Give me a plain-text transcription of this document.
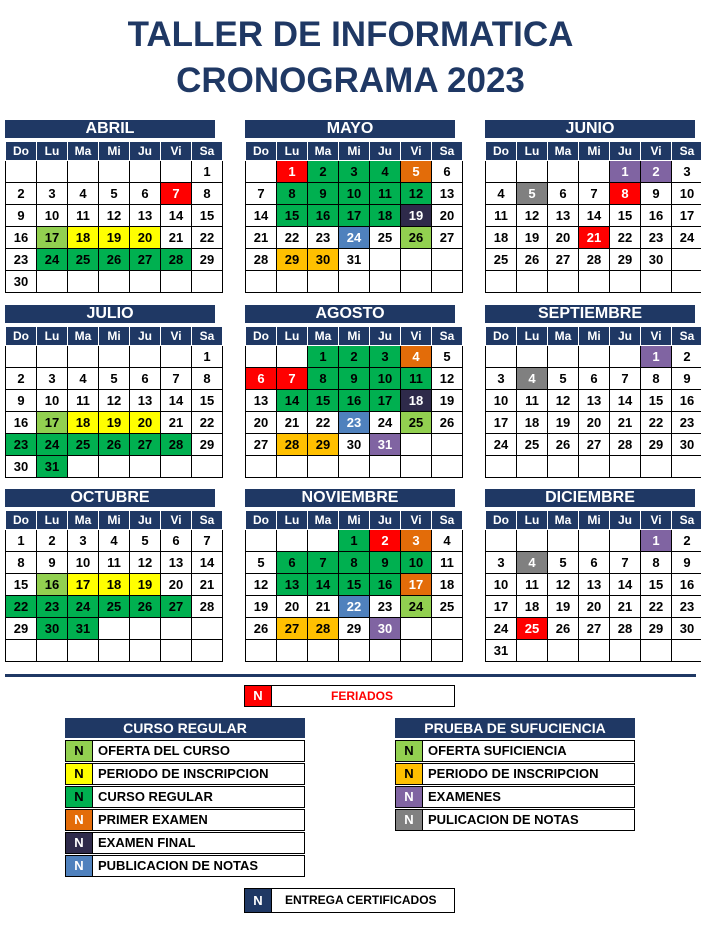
TALLER DE INFORMATICA
CRONOGRAMA 2023
ABRIL
Do	Lu	Ma	Mi	Ju	Vi	Sa
						1
2	3	4	5	6	7	8
9	10	11	12	13	14	15
16	17	18	19	20	21	22
23	24	25	26	27	28	29
30						
MAYO
Do	Lu	Ma	Mi	Ju	Vi	Sa
	1	2	3	4	5	6
7	8	9	10	11	12	13
14	15	16	17	18	19	20
21	22	23	24	25	26	27
28	29	30	31			

JUNIO
Do	Lu	Ma	Mi	Ju	Vi	Sa
				1	2	3
4	5	6	7	8	9	10
11	12	13	14	15	16	17
18	19	20	21	22	23	24
25	26	27	28	29	30	

JULIO
Do	Lu	Ma	Mi	Ju	Vi	Sa
						1
2	3	4	5	6	7	8
9	10	11	12	13	14	15
16	17	18	19	20	21	22
23	24	25	26	27	28	29
30	31					
AGOSTO
Do	Lu	Ma	Mi	Ju	Vi	Sa
		1	2	3	4	5
6	7	8	9	10	11	12
13	14	15	16	17	18	19
20	21	22	23	24	25	26
27	28	29	30	31		

SEPTIEMBRE
Do	Lu	Ma	Mi	Ju	Vi	Sa
					1	2
3	4	5	6	7	8	9
10	11	12	13	14	15	16
17	18	19	20	21	22	23
24	25	26	27	28	29	30

OCTUBRE
Do	Lu	Ma	Mi	Ju	Vi	Sa
1	2	3	4	5	6	7
8	9	10	11	12	13	14
15	16	17	18	19	20	21
22	23	24	25	26	27	28
29	30	31				

NOVIEMBRE
Do	Lu	Ma	Mi	Ju	Vi	Sa
			1	2	3	4
5	6	7	8	9	10	11
12	13	14	15	16	17	18
19	20	21	22	23	24	25
26	27	28	29	30		

DICIEMBRE
Do	Lu	Ma	Mi	Ju	Vi	Sa
					1	2
3	4	5	6	7	8	9
10	11	12	13	14	15	16
17	18	19	20	21	22	23
24	25	26	27	28	29	30
31						
N	FERIADOS
CURSO REGULAR
N	OFERTA DEL CURSO
N	PERIODO DE INSCRIPCION
N	CURSO REGULAR
N	PRIMER EXAMEN
N	EXAMEN FINAL
N	PUBLICACION DE NOTAS
PRUEBA DE SUFUCIENCIA
N	OFERTA SUFICIENCIA
N	PERIODO DE INSCRIPCION
N	EXAMENES
N	PULICACION DE NOTAS
N	ENTREGA CERTIFICADOS
